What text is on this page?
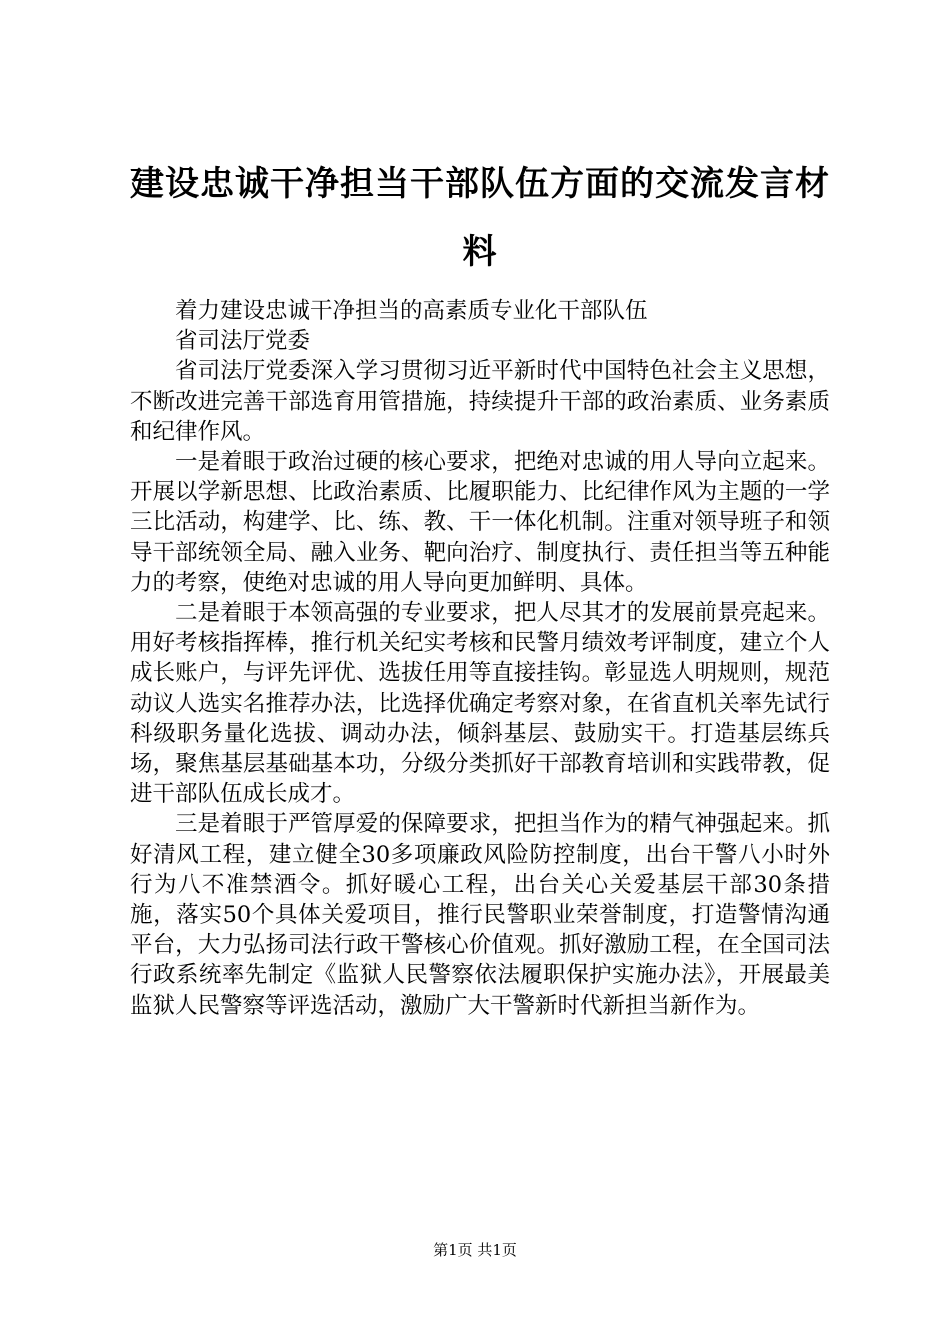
建设忠诚干净担当干部队伍方面的交流发言材料

着力建设忠诚干净担当的高素质专业化干部队伍

省司法厅党委

省司法厅党委深入学习贯彻习近平新时代中国特色社会主义思想，不断改进完善干部选育用管措施，持续提升干部的政治素质、业务素质和纪律作风。

一是着眼于政治过硬的核心要求，把绝对忠诚的用人导向立起来。开展以学新思想、比政治素质、比履职能力、比纪律作风为主题的一学三比活动，构建学、比、练、教、干一体化机制。注重对领导班子和领导干部统领全局、融入业务、靶向治疗、制度执行、责任担当等五种能力的考察，使绝对忠诚的用人导向更加鲜明、具体。

二是着眼于本领高强的专业要求，把人尽其才的发展前景亮起来。用好考核指挥棒，推行机关纪实考核和民警月绩效考评制度，建立个人成长账户，与评先评优、选拔任用等直接挂钩。彰显选人明规则，规范动议人选实名推荐办法，比选择优确定考察对象，在省直机关率先试行科级职务量化选拔、调动办法，倾斜基层、鼓励实干。打造基层练兵场，聚焦基层基础基本功，分级分类抓好干部教育培训和实践带教，促进干部队伍成长成才。

三是着眼于严管厚爱的保障要求，把担当作为的精气神强起来。抓好清风工程，建立健全30多项廉政风险防控制度，出台干警八小时外行为八不准禁酒令。抓好暖心工程，出台关心关爱基层干部30条措施，落实50个具体关爱项目，推行民警职业荣誉制度，打造警情沟通平台，大力弘扬司法行政干警核心价值观。抓好激励工程，在全国司法行政系统率先制定《监狱人民警察依法履职保护实施办法》，开展最美监狱人民警察等评选活动，激励广大干警新时代新担当新作为。

第1页 共1页
